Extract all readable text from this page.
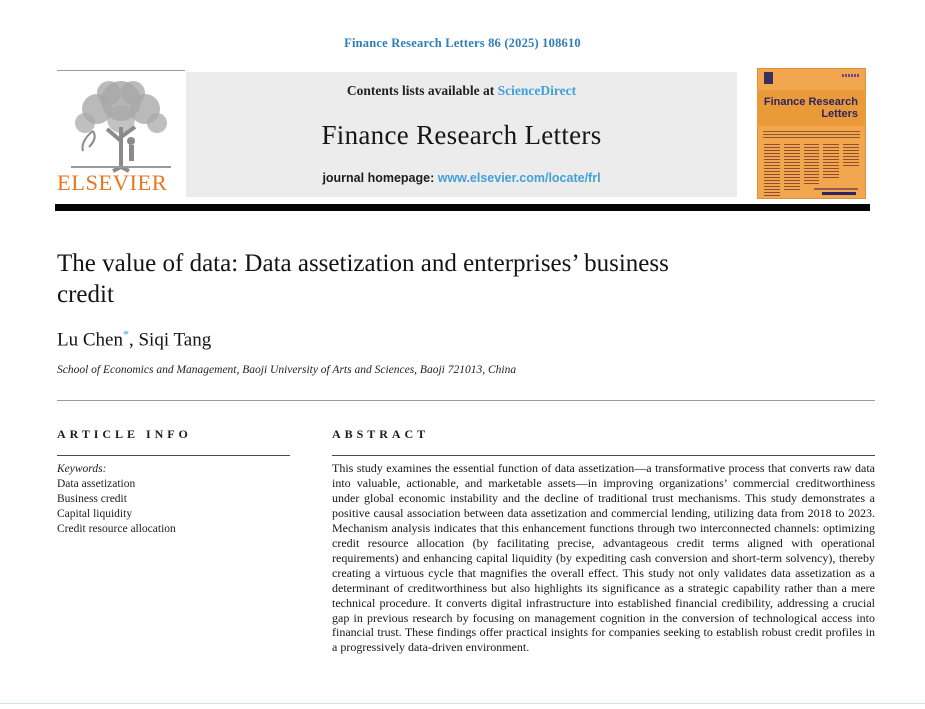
Finance Research Letters 86 (2025) 108610
ELSEVIER
Contents lists available at ScienceDirect
Finance Research Letters
journal homepage: www.elsevier.com/locate/frl
Finance Research
Letters
The value of data: Data assetization and enterprises’ business credit
Lu Chen*, Siqi Tang
School of Economics and Management, Baoji University of Arts and Sciences, Baoji 721013, China
ARTICLE INFO
Keywords:
Data assetization
Business credit
Capital liquidity
Credit resource allocation
ABSTRACT
This study examines the essential function of data assetization—a transformative process that converts raw data into valuable, actionable, and marketable assets—in improving organizations’ commercial creditworthiness under global economic instability and the decline of traditional trust mechanisms. This study demonstrates a positive causal association between data assetization and commercial lending, utilizing data from 2018 to 2023. Mechanism analysis indicates that this enhancement functions through two interconnected channels: optimizing credit resource allocation (by facilitating precise, advantageous credit terms aligned with operational requirements) and enhancing capital liquidity (by expediting cash conversion and short-term solvency), thereby creating a virtuous cycle that magnifies the overall effect. This study not only validates data assetization as a determinant of creditworthiness but also highlights its significance as a strategic capability rather than a mere technical procedure. It converts digital infrastructure into established financial credibility, addressing a crucial gap in previous research by focusing on management cognition in the conversion of technological access into financial trust. These findings offer practical insights for companies seeking to establish robust credit profiles in a progressively data-driven environment.
